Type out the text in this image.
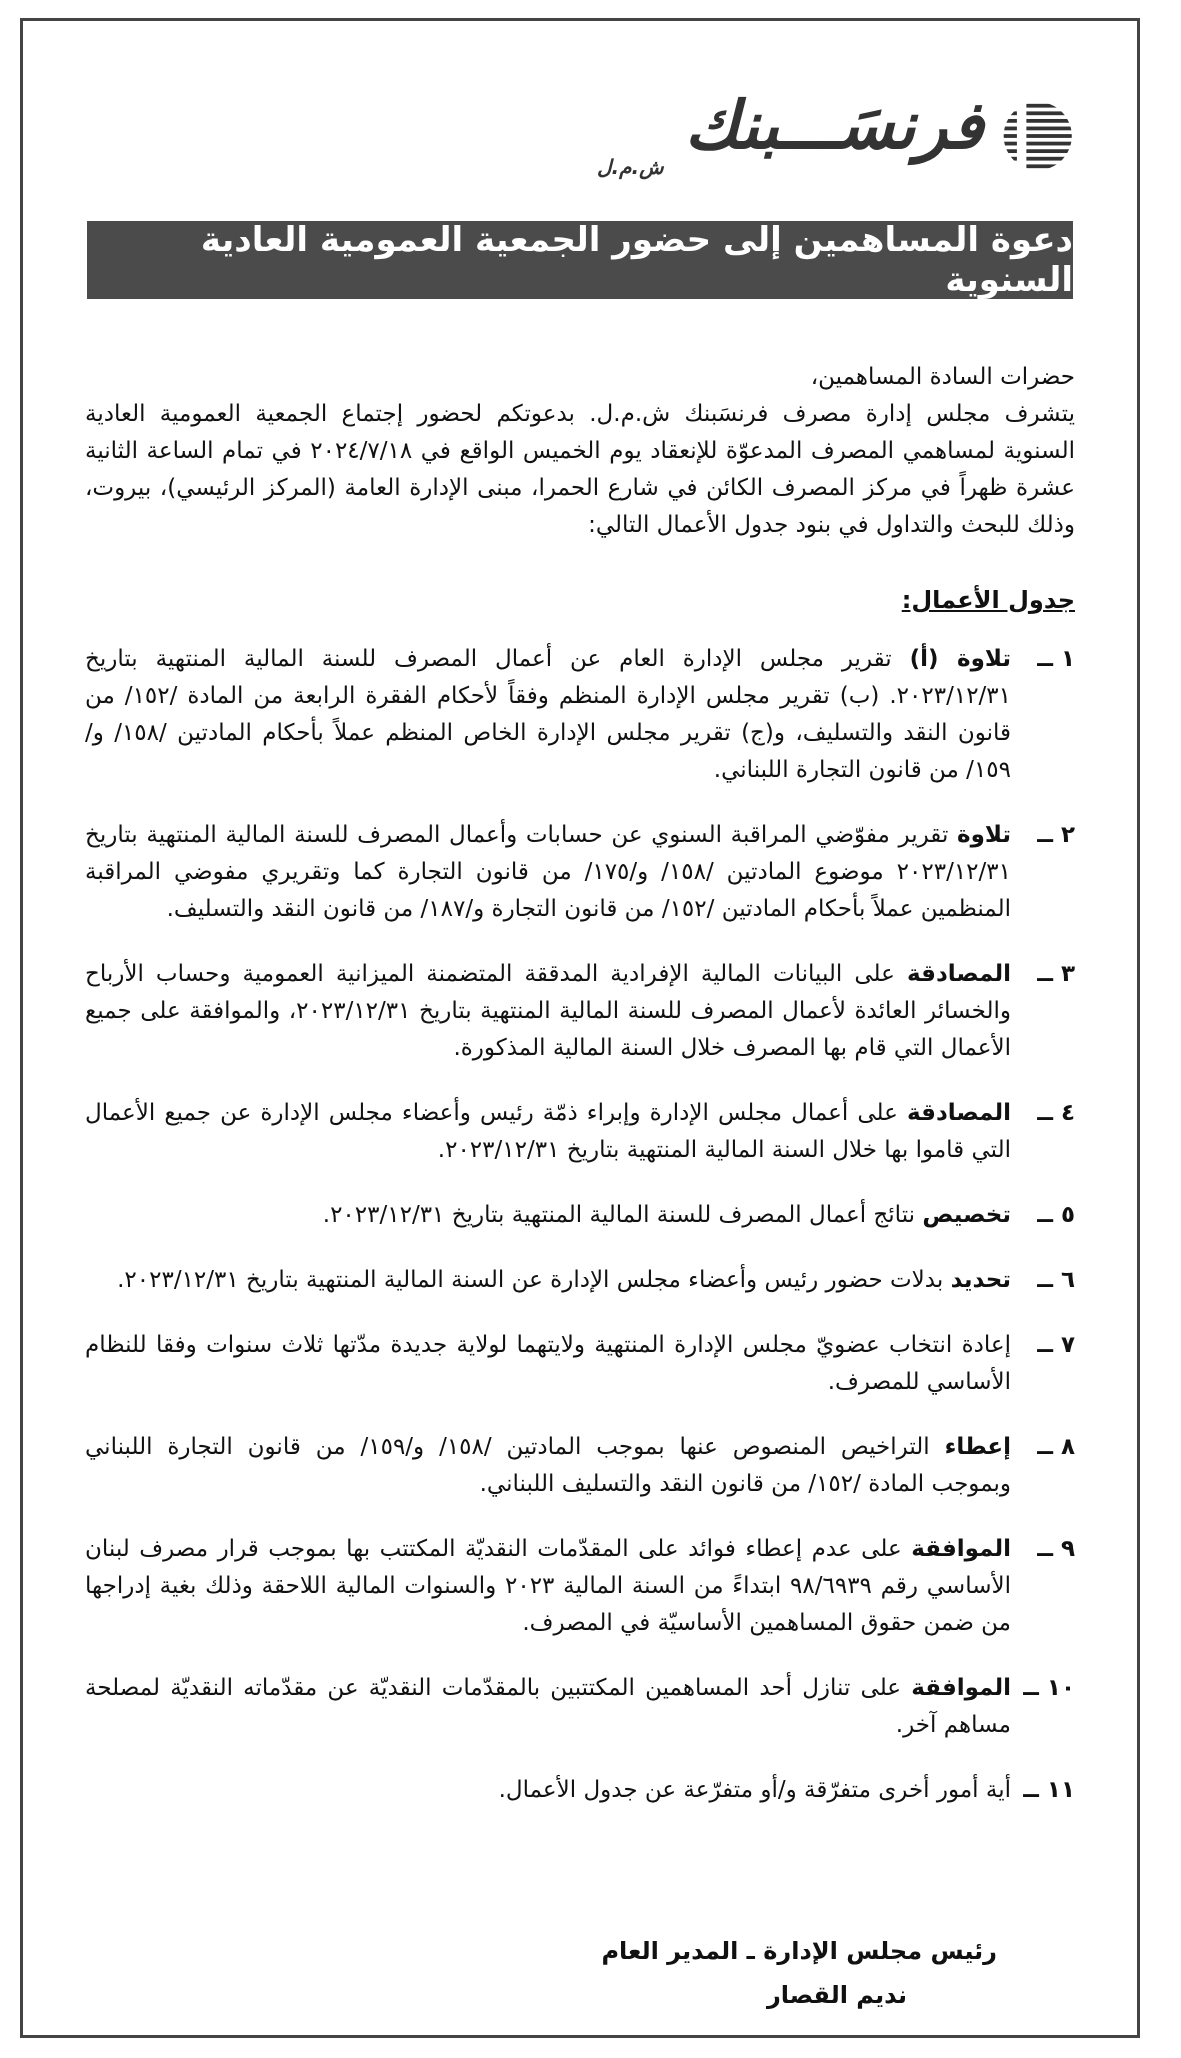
فرنسَـــبنك
ش.م.ل
دعوة المساهمين إلى حضور الجمعية العمومية العادية السنوية

حضرات السادة المساهمين،

يتشرف مجلس إدارة مصرف فرنسَبنك ش.م.ل. بدعوتكم لحضور إجتماع الجمعية العمومية العادية السنوية لمساهمي المصرف المدعوّة للإنعقاد يوم الخميس الواقع في ٢٠٢٤/٧/١٨ في تمام الساعة الثانية عشرة ظهراً في مركز المصرف الكائن في شارع الحمرا، مبنى الإدارة العامة (المركز الرئيسي)، بيروت، وذلك للبحث والتداول في بنود جدول الأعمال التالي:

جدول الأعمال:

١ ــ
تلاوة (أ) تقرير مجلس الإدارة العام عن أعمال المصرف للسنة المالية المنتهية بتاريخ ٢٠٢٣/١٢/٣١. (ب) تقرير مجلس الإدارة المنظم وفقاً لأحكام الفقرة الرابعة من المادة /١٥٢/ من قانون النقد والتسليف، و(ج) تقرير مجلس الإدارة الخاص المنظم عملاً بأحكام المادتين /١٥٨/ و/١٥٩/ من قانون التجارة اللبناني.
٢ ــ
تلاوة تقرير مفوّضي المراقبة السنوي عن حسابات وأعمال المصرف للسنة المالية المنتهية بتاريخ ٢٠٢٣/١٢/٣١ موضوع المادتين /١٥٨/ و/١٧٥/ من قانون التجارة كما وتقريري مفوضي المراقبة المنظمين عملاً بأحكام المادتين /١٥٢/ من قانون التجارة و/١٨٧/ من قانون النقد والتسليف.
٣ ــ
المصادقة على البيانات المالية الإفرادية المدققة المتضمنة الميزانية العمومية وحساب الأرباح والخسائر العائدة لأعمال المصرف للسنة المالية المنتهية بتاريخ ٢٠٢٣/١٢/٣١، والموافقة على جميع الأعمال التي قام بها المصرف خلال السنة المالية المذكورة.
٤ ــ
المصادقة على أعمال مجلس الإدارة وإبراء ذمّة رئيس وأعضاء مجلس الإدارة عن جميع الأعمال التي قاموا بها خلال السنة المالية المنتهية بتاريخ ٢٠٢٣/١٢/٣١.
٥ ــ
تخصيص نتائج أعمال المصرف للسنة المالية المنتهية بتاريخ ٢٠٢٣/١٢/٣١.
٦ ــ
تحديد بدلات حضور رئيس وأعضاء مجلس الإدارة عن السنة المالية المنتهية بتاريخ ٢٠٢٣/١٢/٣١.
٧ ــ
إعادة انتخاب عضويّ مجلس الإدارة المنتهية ولايتهما لولاية جديدة مدّتها ثلاث سنوات وفقا للنظام الأساسي للمصرف.
٨ ــ
إعطاء التراخيص المنصوص عنها بموجب المادتين /١٥٨/ و/١٥٩/ من قانون التجارة اللبناني وبموجب المادة /١٥٢/ من قانون النقد والتسليف اللبناني.
٩ ــ
الموافقة على عدم إعطاء فوائد على المقدّمات النقديّة المكتتب بها بموجب قرار مصرف لبنان الأساسي رقم ٩٨/٦٩٣٩ ابتداءً من السنة المالية ٢٠٢٣ والسنوات المالية اللاحقة وذلك بغية إدراجها من ضمن حقوق المساهمين الأساسيّة في المصرف.
١٠ ــ
الموافقة على تنازل أحد المساهمين المكتتبين بالمقدّمات النقديّة عن مقدّماته النقديّة لمصلحة مساهم آخر.
١١ ــ
أية أمور أخرى متفرّقة و/أو متفرّعة عن جدول الأعمال.
رئيس مجلس الإدارة ـ المدير العام
نديم القصار
